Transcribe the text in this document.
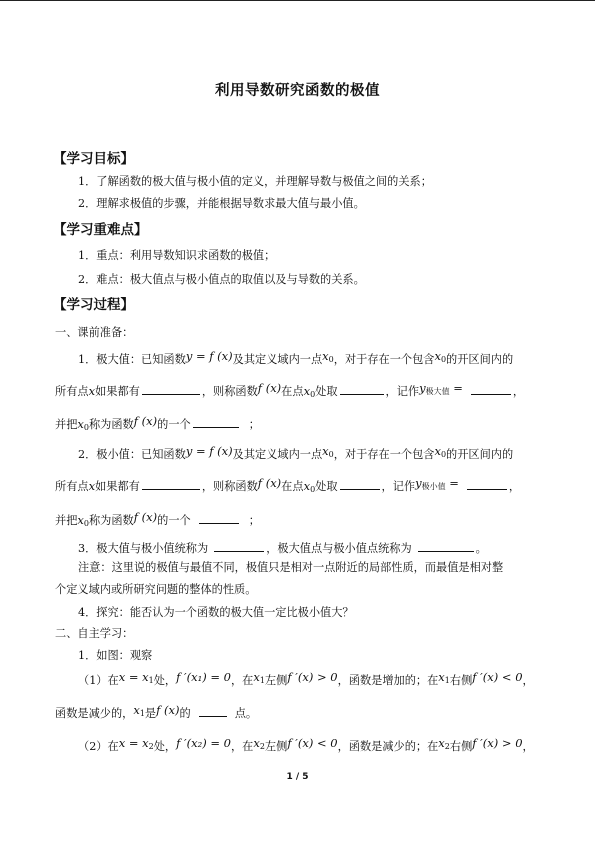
利用导数研究函数的极值
【学习目标】
1．了解函数的极大值与极小值的定义，并理解导数与极值之间的关系；
2．理解求极值的步骤，并能根据导数求最大值与最小值。
【学习重难点】
1．重点：利用导数知识求函数的极值；
2．难点：极大值点与极小值点的取值以及与导数的关系。
【学习过程】
一、课前准备：
1．极大值：已知函数y = f (x)及其定义域内一点$x_0$，对于存在一个包含$x_0$的开区间内的
所有点x如果都有	，则称函数f (x)在点$x_0$处取	，记作$y_{极大值}$ =	，
并把$x_0$称为函数f (x)的一个	；
2．极小值：已知函数y = f (x)及其定义域内一点$x_0$，对于存在一个包含$x_0$的开区间内的
所有点x如果都有	，则称函数f (x)在点$x_0$处取	，记作$y_{极小值}$ =	，
并把$x_0$称为函数f (x)的一个	；
3．极大值与极小值统称为	，极大值点与极小值点统称为	。
注意：这里说的极值与最值不同，极值只是相对一点附近的局部性质，而最值是相对整
个定义域内或所研究问题的整体的性质。
4．探究：能否认为一个函数的极大值一定比极小值大？
二、自主学习：
1．如图：观察
（1）在$x = x_1$处，f ′(x₁) = 0，在$x_1$左侧f ′(x) > 0，函数是增加的；在$x_1$右侧f ′(x) < 0，
函数是减少的，$x_1$是f (x)的	点。
（2）在$x = x_2$处，f ′(x₂) = 0，在$x_2$左侧f ′(x) < 0，函数是减少的；在$x_2$右侧f ′(x) > 0，
1 / 5
